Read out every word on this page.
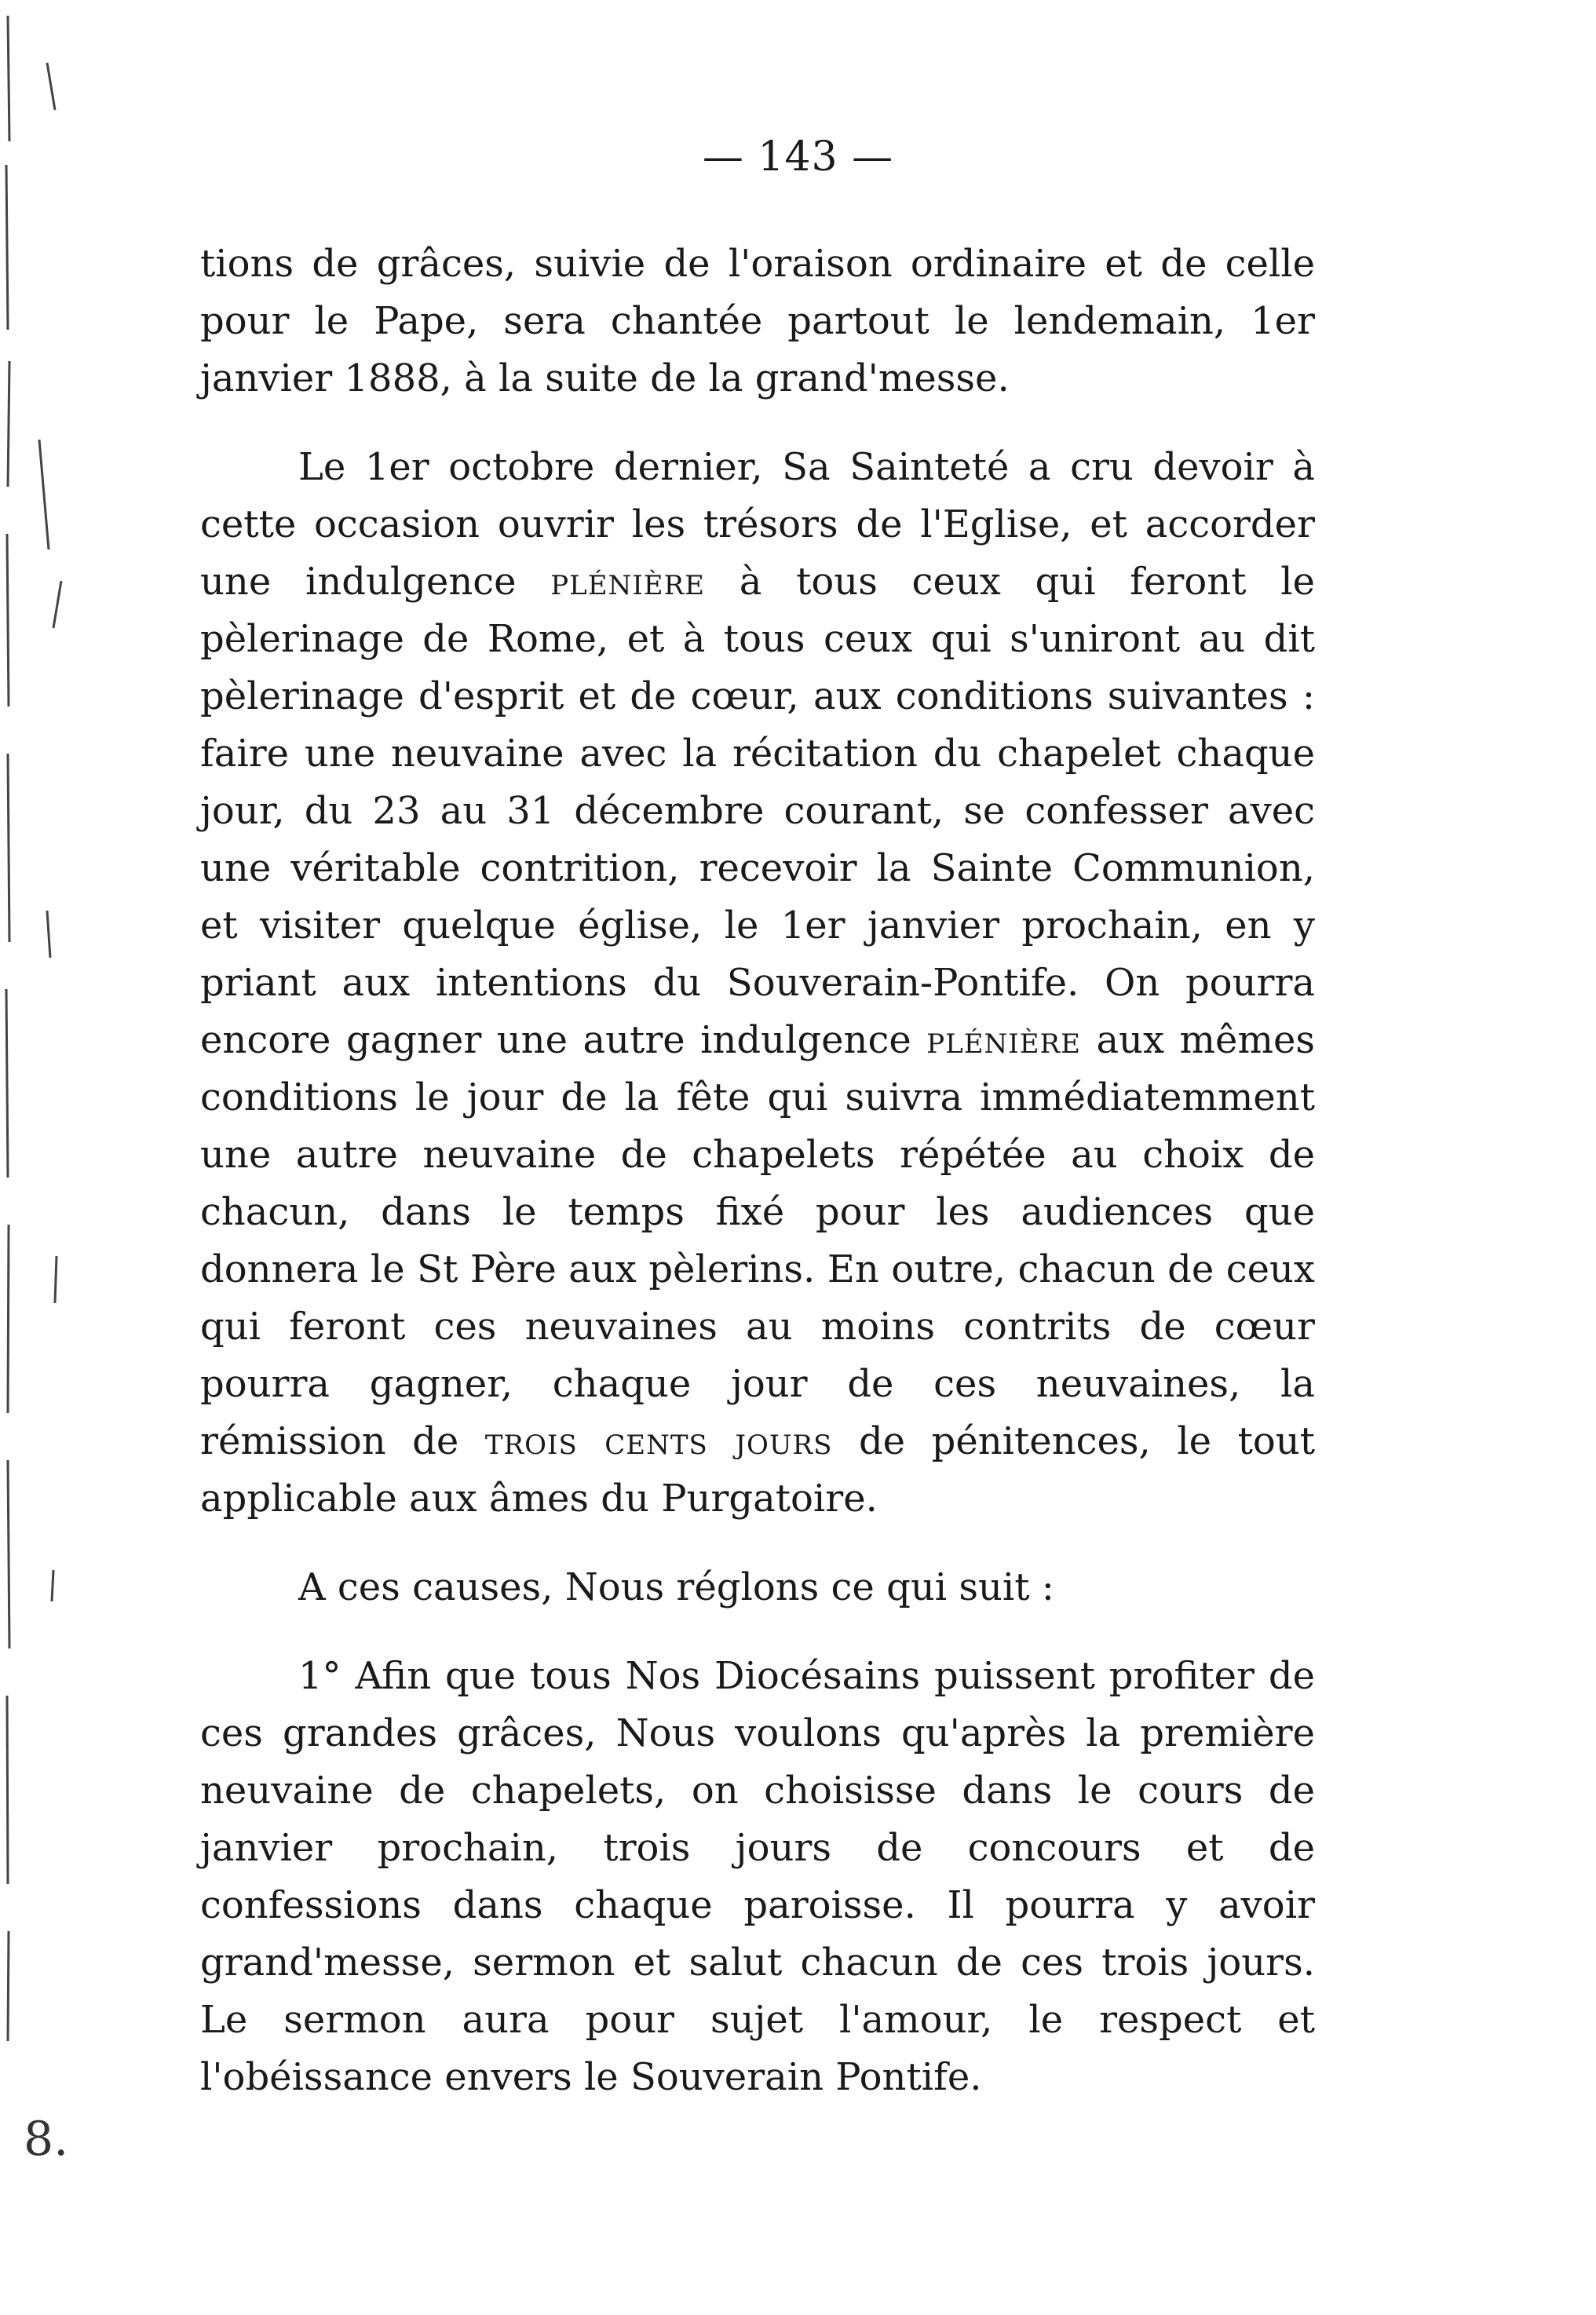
— 143 —

tions de grâces, suivie de l'oraison ordinaire et de celle pour le Pape, sera chantée partout le lendemain, 1er janvier 1888, à la suite de la grand'messe.

Le 1er octobre dernier, Sa Sainteté a cru devoir à cette occasion ouvrir les trésors de l'Eglise, et accorder une indulgence plénière à tous ceux qui feront le pèlerinage de Rome, et à tous ceux qui s'uniront au dit pèlerinage d'esprit et de cœur, aux conditions suivantes : faire une neuvaine avec la récitation du chapelet chaque jour, du 23 au 31 décembre courant, se confesser avec une véritable contrition, recevoir la Sainte Communion, et visiter quelque église, le 1er janvier prochain, en y priant aux intentions du Souverain-Pontife. On pourra encore gagner une autre indulgence plénière aux mêmes conditions le jour de la fête qui suivra immédiatemment une autre neuvaine de chapelets répétée au choix de chacun, dans le temps fixé pour les audiences que donnera le St Père aux pèlerins. En outre, chacun de ceux qui feront ces neuvaines au moins contrits de cœur pourra gagner, chaque jour de ces neuvaines, la rémission de trois cents jours de pénitences, le tout applicable aux âmes du Purgatoire.

A ces causes, Nous réglons ce qui suit :

1° Afin que tous Nos Diocésains puissent profiter de ces grandes grâces, Nous voulons qu'après la première neuvaine de chapelets, on choisisse dans le cours de janvier prochain, trois jours de concours et de confessions dans chaque paroisse. Il pourra y avoir grand'messe, sermon et salut chacun de ces trois jours. Le sermon aura pour sujet l'amour, le respect et l'obéissance envers le Souverain Pontife.

8.
